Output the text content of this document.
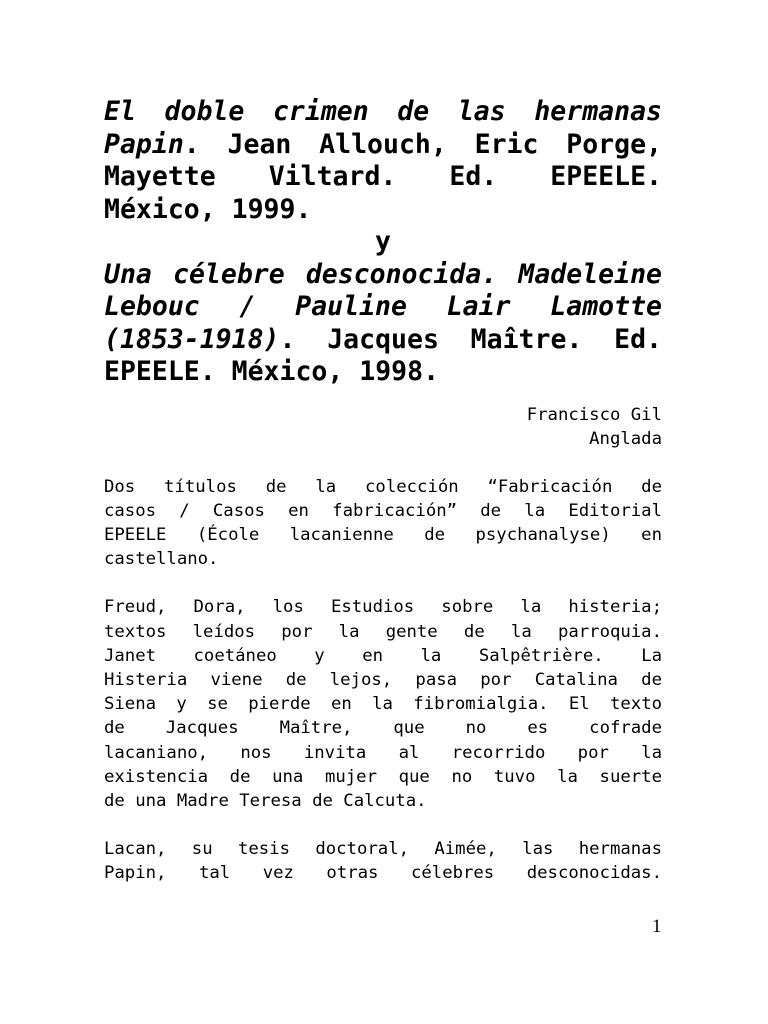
El doble crimen de las hermanas

Papin. Jean Allouch, Eric Porge,

Mayette Viltard. Ed. EPEELE.

México, 1999.

y

Una célebre desconocida. Madeleine

Lebouc / Pauline Lair Lamotte

(1853-1918). Jacques Maître. Ed.

EPEELE. México, 1998.

Francisco Gil
Anglada
Dos títulos de la colección “Fabricación de
casos / Casos en fabricación” de la Editorial
EPEELE (École lacanienne de psychanalyse) en
castellano.
Freud, Dora, los Estudios sobre la histeria;
textos leídos por la gente de la parroquia.
Janet coetáneo y en la Salpêtrière. La
Histeria viene de lejos, pasa por Catalina de
Siena y se pierde en la fibromialgia. El texto
de Jacques Maître, que no es cofrade
lacaniano, nos invita al recorrido por la
existencia de una mujer que no tuvo la suerte
de una Madre Teresa de Calcuta.
Lacan, su tesis doctoral, Aimée, las hermanas
Papin, tal vez otras célebres desconocidas.
1
